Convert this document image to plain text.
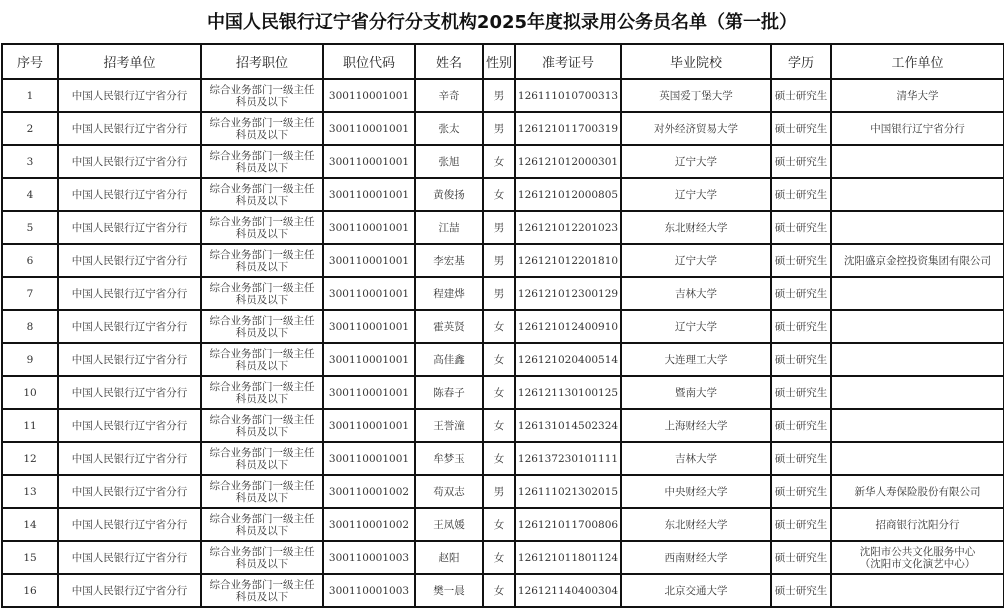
中国人民银行辽宁省分行分支机构2025年度拟录用公务员名单（第一批）
序号	招考单位	招考职位	职位代码	姓名	性别	准考证号	毕业院校	学历	工作单位
1	中国人民银行辽宁省分行	综合业务部门一级主任
科员及以下	300110001001	辛奇	男	126111010700313	英国爱丁堡大学	硕士研究生	清华大学

2	中国人民银行辽宁省分行	综合业务部门一级主任
科员及以下	300110001001	张太	男	126121011700319	对外经济贸易大学	硕士研究生	中国银行辽宁省分行

3	中国人民银行辽宁省分行	综合业务部门一级主任
科员及以下	300110001001	张旭	女	126121012000301	辽宁大学	硕士研究生	

4	中国人民银行辽宁省分行	综合业务部门一级主任
科员及以下	300110001001	黄俊扬	女	126121012000805	辽宁大学	硕士研究生	

5	中国人民银行辽宁省分行	综合业务部门一级主任
科员及以下	300110001001	江喆	男	126121012201023	东北财经大学	硕士研究生	

6	中国人民银行辽宁省分行	综合业务部门一级主任
科员及以下	300110001001	李宏基	男	126121012201810	辽宁大学	硕士研究生	沈阳盛京金控投资集团有限公司

7	中国人民银行辽宁省分行	综合业务部门一级主任
科员及以下	300110001001	程建烨	男	126121012300129	吉林大学	硕士研究生	

8	中国人民银行辽宁省分行	综合业务部门一级主任
科员及以下	300110001001	霍英贤	女	126121012400910	辽宁大学	硕士研究生	

9	中国人民银行辽宁省分行	综合业务部门一级主任
科员及以下	300110001001	高佳鑫	女	126121020400514	大连理工大学	硕士研究生	

10	中国人民银行辽宁省分行	综合业务部门一级主任
科员及以下	300110001001	陈春子	女	126121130100125	暨南大学	硕士研究生	

11	中国人民银行辽宁省分行	综合业务部门一级主任
科员及以下	300110001001	王誉潼	女	126131014502324	上海财经大学	硕士研究生	

12	中国人民银行辽宁省分行	综合业务部门一级主任
科员及以下	300110001001	牟梦玉	女	126137230101111	吉林大学	硕士研究生	

13	中国人民银行辽宁省分行	综合业务部门一级主任
科员及以下	300110001002	苟双志	男	126111021302015	中央财经大学	硕士研究生	新华人寿保险股份有限公司

14	中国人民银行辽宁省分行	综合业务部门一级主任
科员及以下	300110001002	王凤媛	女	126121011700806	东北财经大学	硕士研究生	招商银行沈阳分行

15	中国人民银行辽宁省分行	综合业务部门一级主任
科员及以下	300110001003	赵阳	女	126121011801124	西南财经大学	硕士研究生	沈阳市公共文化服务中心
（沈阳市文化演艺中心）

16	中国人民银行辽宁省分行	综合业务部门一级主任
科员及以下	300110001003	樊一晨	女	126121140400304	北京交通大学	硕士研究生	
